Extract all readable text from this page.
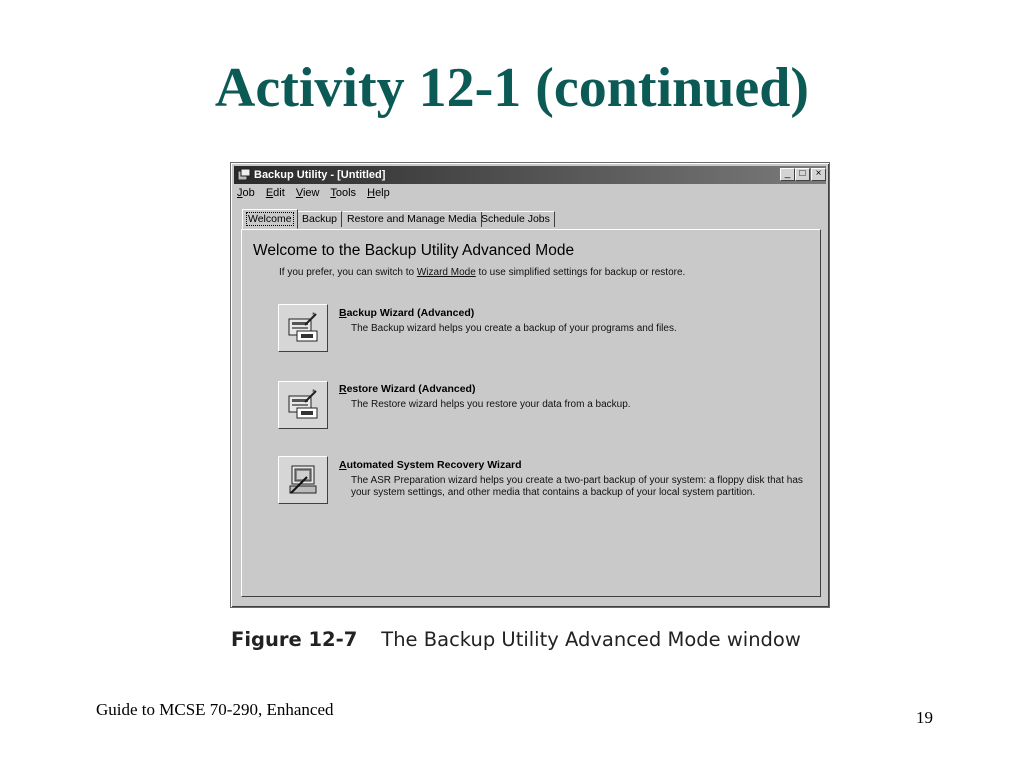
Activity 12-1 (continued)
Backup Utility - [Untitled]	_ □	×
Job Edit View Tools Help
Welcome Backup Restore and Manage Media Schedule Jobs
Welcome to the Backup Utility Advanced Mode
If you prefer, you can switch to Wizard Mode to use simplified settings for backup or restore.
* Backup Wizard (Advanced)
The Backup wizard helps you create a backup of your programs and files.
* Restore Wizard (Advanced)
The Restore wizard helps you restore your data from a backup.
Automated System Recovery Wizard
The ASR Preparation wizard helps you create a two-part backup of your system: a floppy disk that has your system settings, and other media that contains a backup of your local system partition.
Figure 12-7 The Backup Utility Advanced Mode window
Guide to MCSE 70-290, Enhanced	19
